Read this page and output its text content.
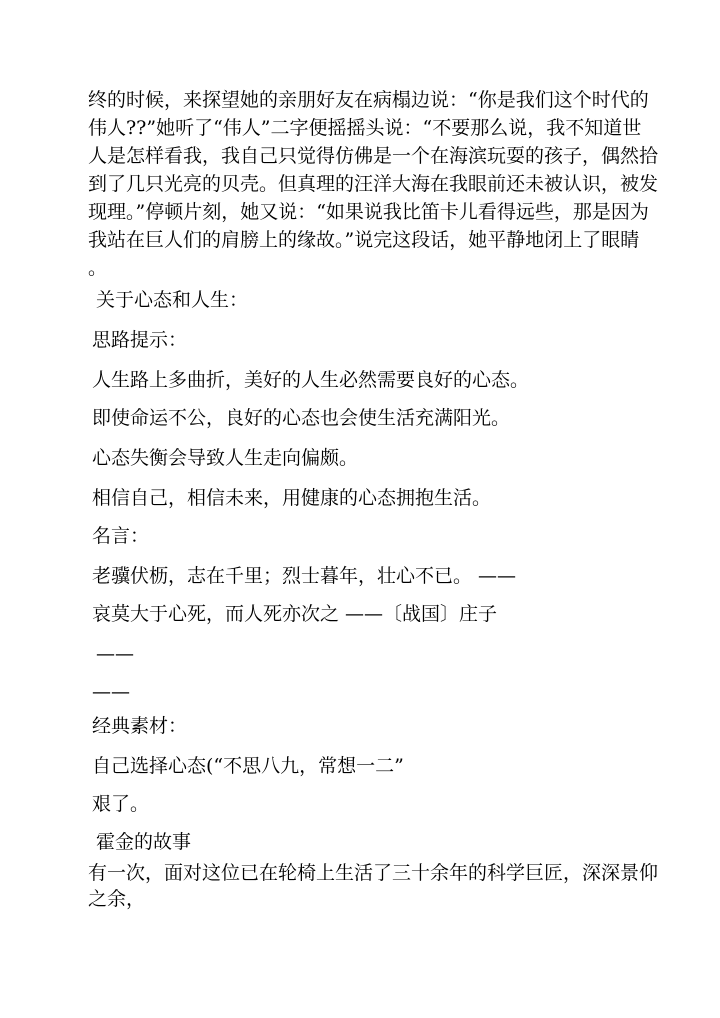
终的时候，来探望她的亲朋好友在病榻边说：“你是我们这个时代的
伟人??”她听了“伟人”二字便摇摇头说：“不要那么说，我不知道世
人是怎样看我，我自己只觉得仿佛是一个在海滨玩耍的孩子，偶然拾
到了几只光亮的贝壳。但真理的汪洋大海在我眼前还未被认识，被发
现理。”停顿片刻，她又说：“如果说我比笛卡儿看得远些，那是因为
我站在巨人们的肩膀上的缘故。”说完这段话，她平静地闭上了眼睛
。
关于心态和人生：
思路提示：
人生路上多曲折，美好的人生必然需要良好的心态。
即使命运不公，良好的心态也会使生活充满阳光。
心态失衡会导致人生走向偏颇。
相信自己，相信未来，用健康的心态拥抱生活。
名言：
老骥伏枥，志在千里；烈士暮年，壮心不已。 ——
哀莫大于心死，而人死亦次之 ——〔战国〕庄子
——
——
经典素材：
自己选择心态(“不思八九，常想一二”
艰了。
霍金的故事
有一次，面对这位已在轮椅上生活了三十余年的科学巨匠，深深景仰
之余，
